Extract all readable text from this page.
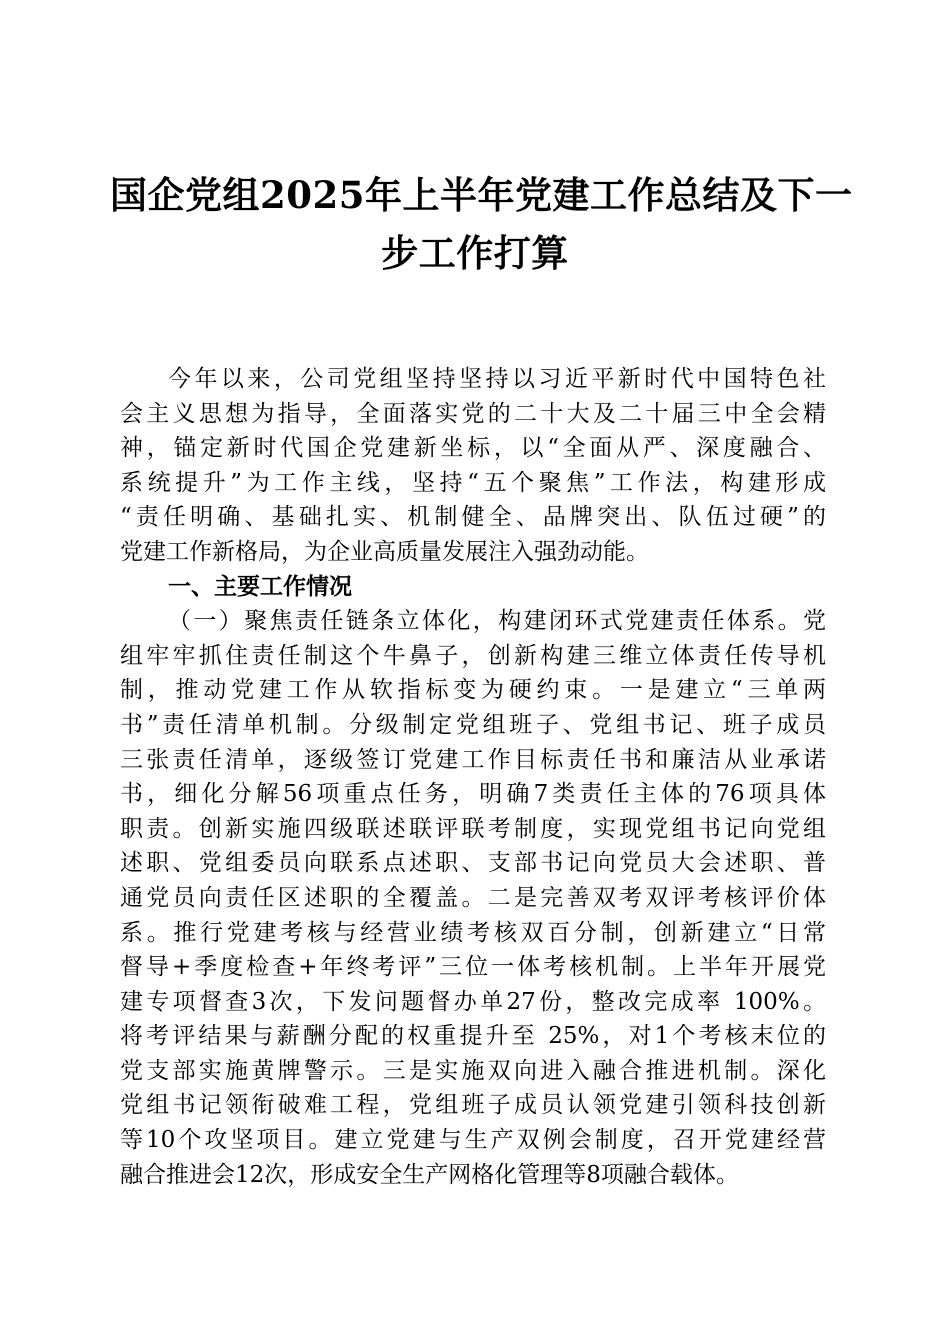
国企党组2025年上半年党建工作总结及下一
步工作打算

今年以来，公司党组坚持坚持以习近平新时代中国特色社
会主义思想为指导，全面落实党的二十大及二十届三中全会精
神，锚定新时代国企党建新坐标，以“全面从严、深度融合、
系统提升”为工作主线，坚持“五个聚焦”工作法，构建形成
“责任明确、基础扎实、机制健全、品牌突出、队伍过硬”的
党建工作新格局，为企业高质量发展注入强劲动能。

一、主要工作情况

（一）聚焦责任链条立体化，构建闭环式党建责任体系。党
组牢牢抓住责任制这个牛鼻子，创新构建三维立体责任传导机
制，推动党建工作从软指标变为硬约束。一是建立“三单两
书”责任清单机制。分级制定党组班子、党组书记、班子成员
三张责任清单，逐级签订党建工作目标责任书和廉洁从业承诺
书，细化分解56项重点任务，明确7类责任主体的76项具体
职责。创新实施四级联述联评联考制度，实现党组书记向党组
述职、党组委员向联系点述职、支部书记向党员大会述职、普
通党员向责任区述职的全覆盖。二是完善双考双评考核评价体
系。推行党建考核与经营业绩考核双百分制，创新建立“日常
督导+季度检查+年终考评”三位一体考核机制。上半年开展党
建专项督查3次，下发问题督办单27份，整改完成率 100%。
将考评结果与薪酬分配的权重提升至 25%，对1个考核末位的
党支部实施黄牌警示。三是实施双向进入融合推进机制。深化
党组书记领衔破难工程，党组班子成员认领党建引领科技创新
等10个攻坚项目。建立党建与生产双例会制度，召开党建经营
融合推进会12次，形成安全生产网格化管理等8项融合载体。
